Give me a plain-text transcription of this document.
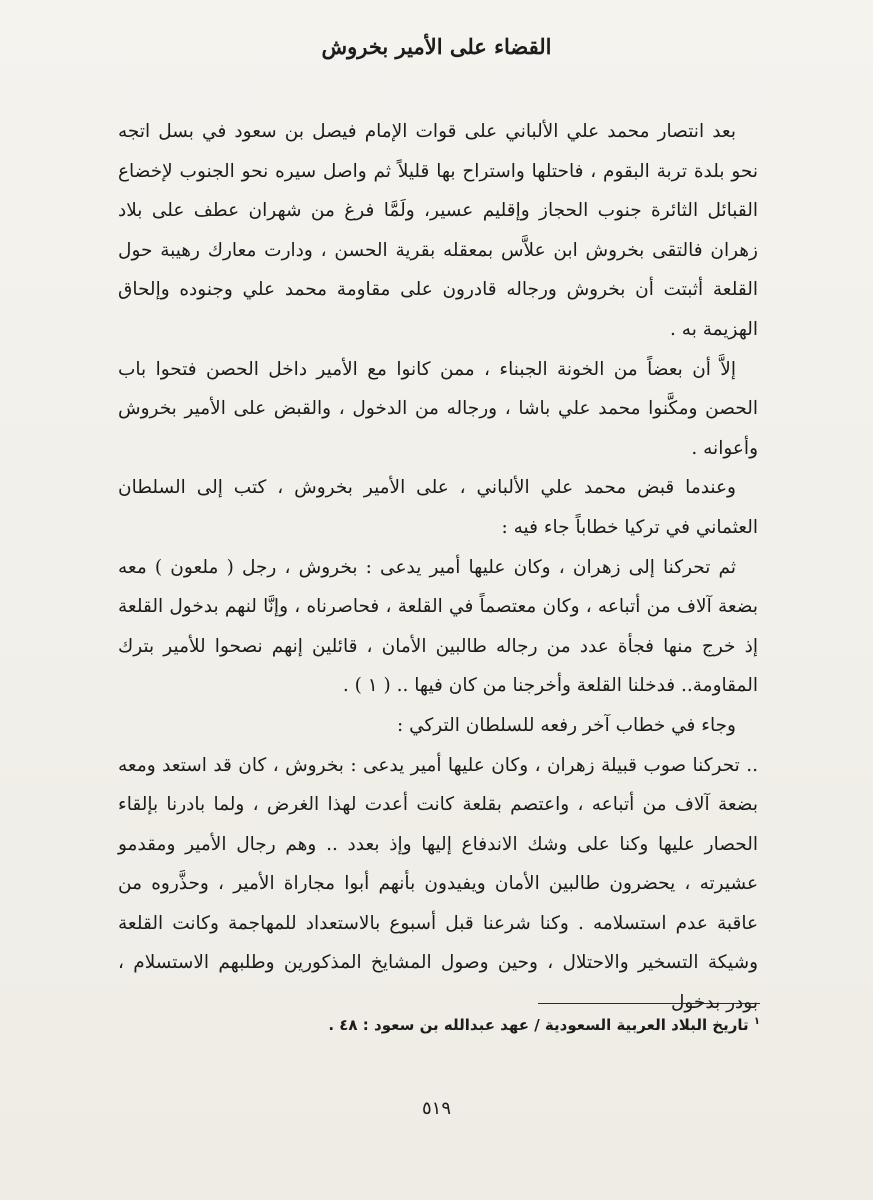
القضاء على الأمير بخروش

بعد انتصار محمد علي الألباني على قوات الإمام فيصل بن سعود في بسل اتجه نحو بلدة تربة البقوم ، فاحتلها واستراح بها قليلاً ثم واصل سيره نحو الجنوب لإخضاع القبائل الثائرة جنوب الحجاز وإقليم عسير، ولَمَّا فرغ من شهران عطف على بلاد زهران فالتقى بخروش ابن علاَّس بمعقله بقرية الحسن ، ودارت معارك رهيبة حول القلعة أثبتت أن بخروش ورجاله قادرون على مقاومة محمد علي وجنوده وإلحاق الهزيمة به .

إلاَّ أن بعضاً من الخونة الجبناء ، ممن كانوا مع الأمير داخل الحصن فتحوا باب الحصن ومكَّنوا محمد علي باشا ، ورجاله من الدخول ، والقبض على الأمير بخروش وأعوانه .

وعندما قبض محمد علي الألباني ، على الأمير بخروش ، كتب إلى السلطان العثماني في تركيا خطاباً جاء فيه :

ثم تحركنا إلى زهران ، وكان عليها أمير يدعى : بخروش ، رجل ( ملعون ) معه بضعة آلاف من أتباعه ، وكان معتصماً في القلعة ، فحاصرناه ، وإنَّا لنهم بدخول القلعة إذ خرج منها فجأة عدد من رجاله طالبين الأمان ، قائلين إنهم نصحوا للأمير بترك المقاومة.. فدخلنا القلعة وأخرجنا من كان فيها .. ( ١ ) .

وجاء في خطاب آخر رفعه للسلطان التركي :

.. تحركنا صوب قبيلة زهران ، وكان عليها أمير يدعى : بخروش ، كان قد استعد ومعه بضعة آلاف من أتباعه ، واعتصم بقلعة كانت أعدت لهذا الغرض ، ولما بادرنا بإلقاء الحصار عليها وكنا على وشك الاندفاع إليها وإذ بعدد .. وهم رجال الأمير ومقدمو عشيرته ، يحضرون طالبين الأمان ويفيدون بأنهم أبوا مجاراة الأمير ، وحذَّروه من عاقبة عدم استسلامه . وكنا شرعنا قبل أسبوع بالاستعداد للمهاجمة وكانت القلعة وشيكة التسخير والاحتلال ، وحين وصول المشايخ المذكورين وطلبهم الاستسلام ، بودر بدخول

$^١$ تاريخ البلاد العربية السعودية / عهد عبدالله بن سعود : ٤٨ .
٥١٩
